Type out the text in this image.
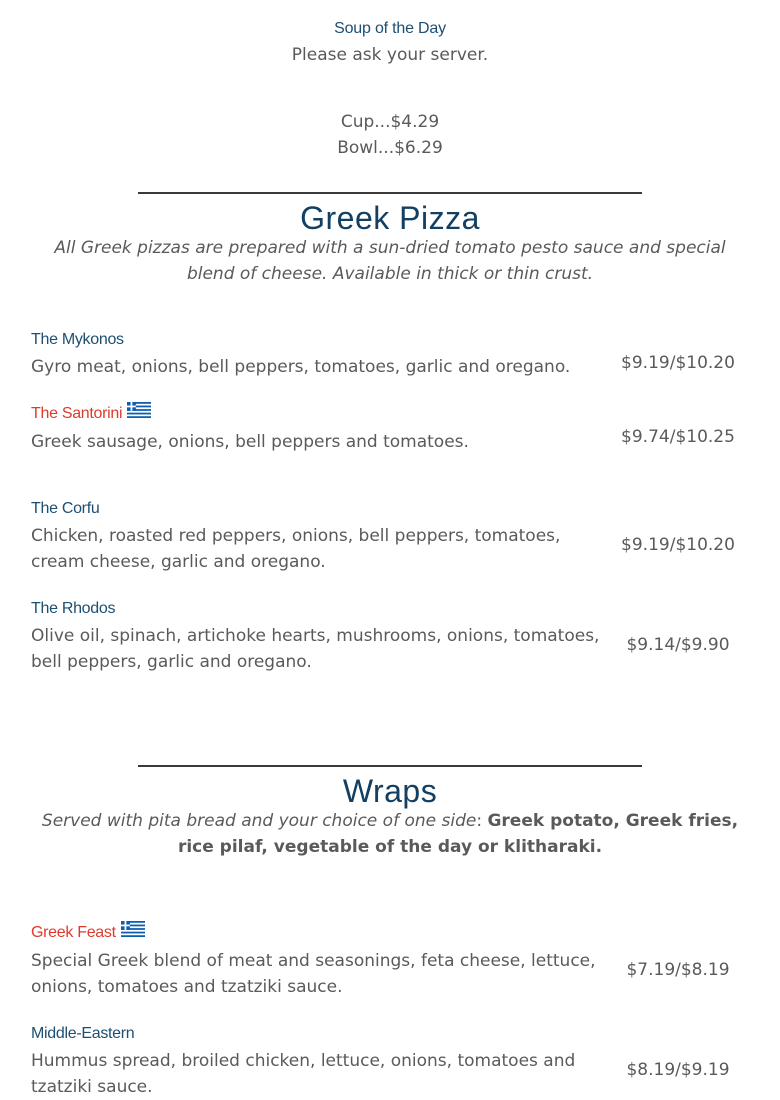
Soup of the Day
Please ask your server.
Cup...$4.29
Bowl...$6.29
Greek Pizza
All Greek pizzas are prepared with a sun-dried tomato pesto sauce and special blend of cheese. Available in thick or thin crust.
The Mykonos
Gyro meat, onions, bell peppers, tomatoes, garlic and oregano.	$9.19/$10.20
The Santorini
Greek sausage, onions, bell peppers and tomatoes.	$9.74/$10.25
The Corfu
Chicken, roasted red peppers, onions, bell peppers, tomatoes, cream cheese, garlic and oregano.
$9.19/$10.20
The Rhodos
Olive oil, spinach, artichoke hearts, mushrooms, onions, tomatoes, bell peppers, garlic and oregano.
$9.14/$9.90
Wraps
Served with pita bread and your choice of one side: Greek potato, Greek fries, rice pilaf, vegetable of the day or klitharaki.
Greek Feast
Special Greek blend of meat and seasonings, feta cheese, lettuce, onions, tomatoes and tzatziki sauce.
$7.19/$8.19
Middle-Eastern
Hummus spread, broiled chicken, lettuce, onions, tomatoes and tzatziki sauce.
$8.19/$9.19
